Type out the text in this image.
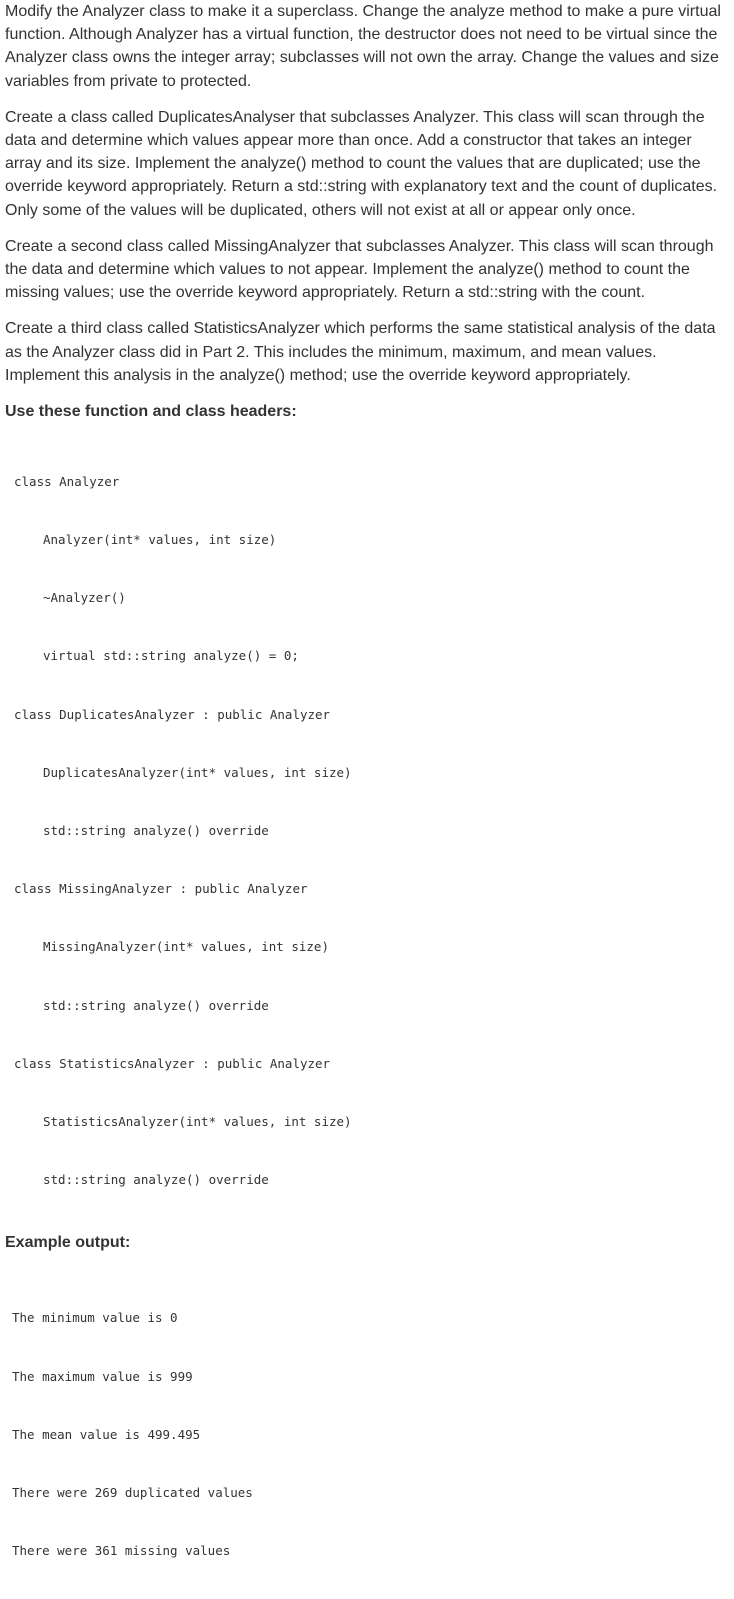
Modify the Analyzer class to make it a superclass. Change the analyze method to make a pure virtual function. Although Analyzer has a virtual function, the destructor does not need to be virtual since the Analyzer class owns the integer array; subclasses will not own the array. Change the values and size variables from private to protected.

Create a class called DuplicatesAnalyser that subclasses Analyzer. This class will scan through the data and determine which values appear more than once. Add a constructor that takes an integer array and its size. Implement the analyze() method to count the values that are duplicated; use the override keyword appropriately. Return a std::string with explanatory text and the count of duplicates. Only some of the values will be duplicated, others will not exist at all or appear only once.

Create a second class called MissingAnalyzer that subclasses Analyzer. This class will scan through the data and determine which values to not appear. Implement the analyze() method to count the missing values; use the override keyword appropriately. Return a std::string with the count.

Create a third class called StatisticsAnalyzer which performs the same statistical analysis of the data as the Analyzer class did in Part 2. This includes the minimum, maximum, and mean values. Implement this analysis in the analyze() method; use the override keyword appropriately.

Use these function and class headers:

class Analyzer

Analyzer(int* values, int size)

~Analyzer()

virtual std::string analyze() = 0;

class DuplicatesAnalyzer : public Analyzer

DuplicatesAnalyzer(int* values, int size)

std::string analyze() override

class MissingAnalyzer : public Analyzer

MissingAnalyzer(int* values, int size)

std::string analyze() override

class StatisticsAnalyzer : public Analyzer

StatisticsAnalyzer(int* values, int size)

std::string analyze() override

Example output:

The minimum value is 0

The maximum value is 999

The mean value is 499.495

There were 269 duplicated values

There were 361 missing values
